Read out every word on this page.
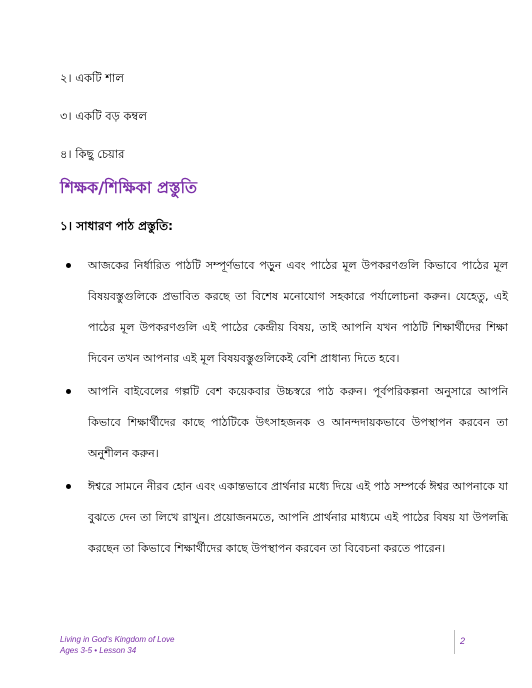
২। একটি শাল
৩। একটি বড় কম্বল
৪। কিছু চেয়ার
শিক্ষক/শিক্ষিকা প্রস্তুতি
১। সাধারণ পাঠ প্রস্তুতি:
আজকের নির্ধারিত পাঠটি সম্পূর্ণভাবে পড়ুন এবং পাঠের মূল উপকরণগুলি কিভাবে পাঠের মূল বিষয়বস্তুগুলিকে প্রভাবিত করছে তা বিশেষ মনোযোগ সহকারে পর্যালোচনা করুন। যেহেতু, এই পাঠের মূল উপকরণগুলি এই পাঠের কেন্দ্রীয় বিষয়, তাই আপনি যখন পাঠটি শিক্ষার্থীদের শিক্ষা দিবেন তখন আপনার এই মূল বিষয়বস্তুগুলিকেই বেশি প্রাধান্য দিতে হবে।
আপনি বাইবেলের গল্পটি বেশ কয়েকবার উচ্চস্বরে পাঠ করুন। পূর্বপরিকল্পনা অনুসারে আপনি কিভাবে শিক্ষার্থীদের কাছে পাঠটিকে উৎসাহজনক ও আনন্দদায়কভাবে উপস্থাপন করবেন তা অনুশীলন করুন।
ঈশ্বরে সামনে নীরব হোন এবং একান্তভাবে প্রার্থনার মধ্যে দিয়ে এই পাঠ সম্পর্কে ঈশ্বর আপনাকে যা বুঝতে দেন তা লিখে রাখুন। প্রয়োজনমতে, আপনি প্রার্থনার মাধ্যমে এই পাঠের বিষয় যা উপলব্ধি করছেন তা কিভাবে শিক্ষার্থীদের কাছে উপস্থাপন করবেন তা বিবেচনা করতে পারেন।
Living in God's Kingdom of Love
Ages 3-5 • Lesson 34
2
